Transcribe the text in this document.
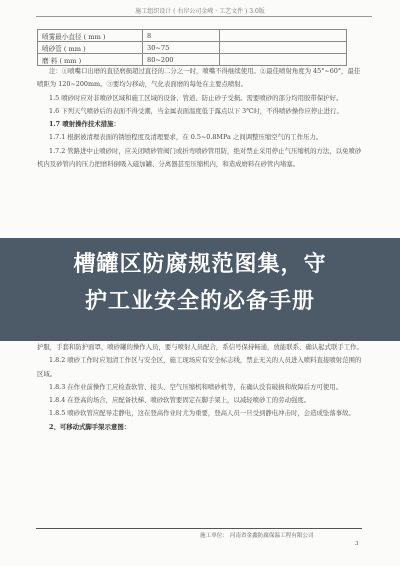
施工组织设计 ( 右岸公司金嵘 · 工艺文件 ) 3.0版
喷雾最小直径 ( mm )	8	
喷砂管 ( mm )	30~75	
磨 料 ( mm )	80~200	

注：①喷嘴口出磨的直径磨损超过直径的二分之一时，喷嘴不得继续使用。②最佳喷射角度为 45°~60°，最佳喷距为 120~200mm。③要均匀移动，气化表面磨的每处在主要点喷射。

1.5 喷砂时应对非喷砂区域和施工区域的设备、管道、防止砂子受损。需要喷砂的部分均用胶带保护好。

1.6 下列天气喷砂后的表面不得受潮，当金属表面温度低于露点以下 3℃时，不得喷砂操作应停止进行。

1.7 喷射操作技术措施：

1.7.1 根据被清理表面的锈蚀程度及清理要求，在 0.5~0.8MPa 之间调整压缩空气的工作压力。

1.7.2 管路进中止喷砂时，应关闭喷砂管阀门或折弯喷砂管用防，绝对禁止采用停止气压缩机的方法，以免喷砂机内及砂管内的压力把磨料倒吸入磁加罐、分离器甚至压缩机内，和造成磨料在砂管内堵塞。

护服，手套和防护面罩，喷砂罐的操作人员，要与喷射人员配合，系信号保持畅通，放能联系、确认起式联手工作。

1.8.2 喷砂工作时应划清工作区与安全区，施工现场应有安全标志线，禁止无关的人员进入喷料直接喷射范围的区域。

1.8.3 在作业前操作工应检查软管、接头、空气压缩机和喷砂机等，在确认没有破损和故障后方可使用。

1.8.4 在登高的场合，应配备扶梯、喷砂软管要固定在脚手架上，以减轻喷砂工的劳动强度。

1.8.5 喷砂软管应配导走静电，这在登高作业时尤为重要，登高人员一旦受到静电冲击时，会造成坠落事故。

2、可移动式脚手架示意图：

槽罐区防腐规范图集，守
护工业安全的必备手册
施工单位： 河南省金鑫防腐保温工程有限公司
3
